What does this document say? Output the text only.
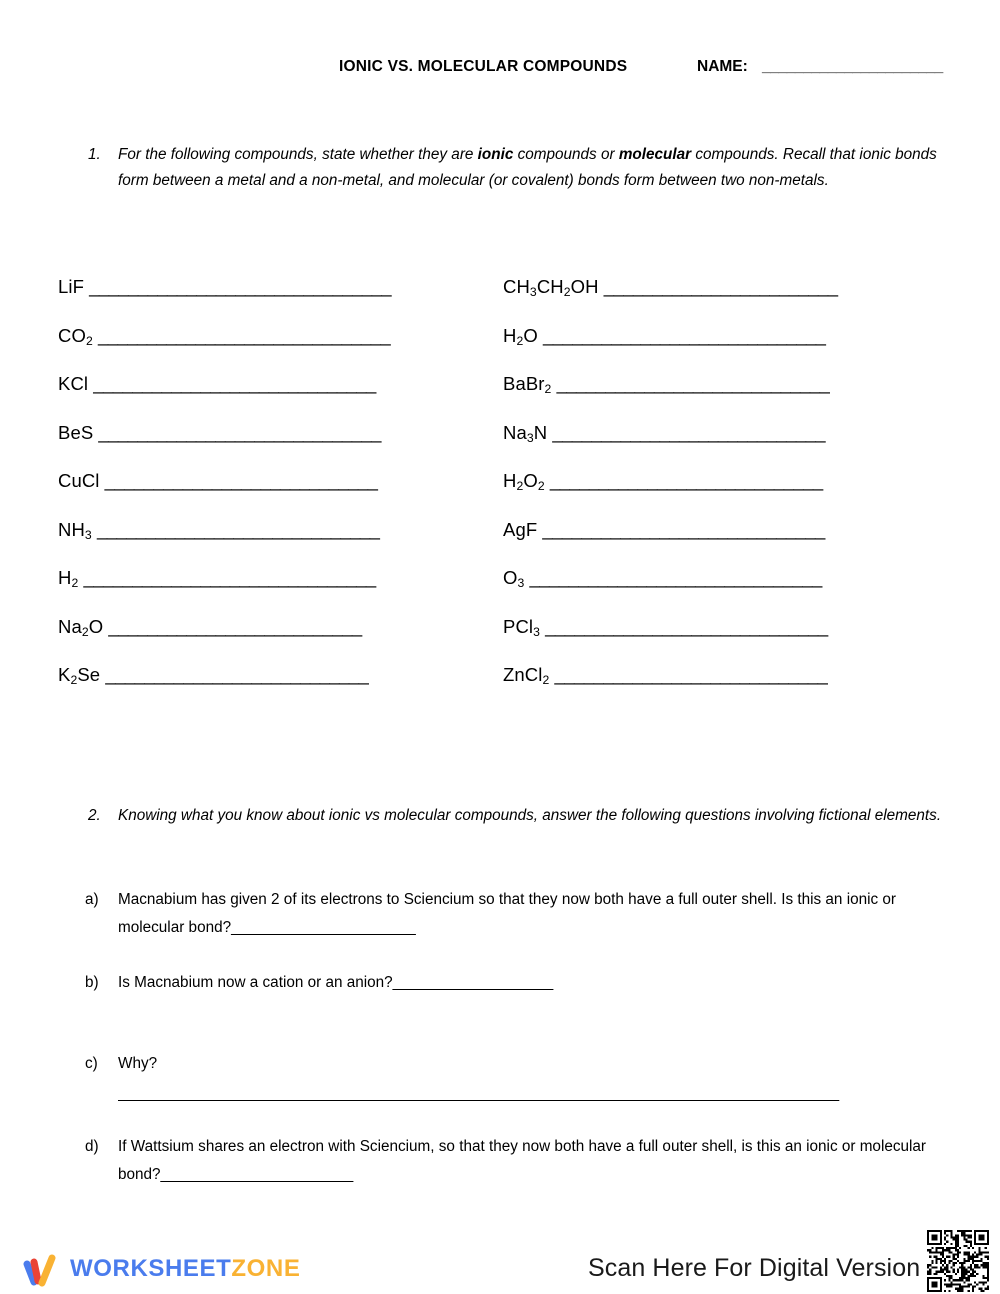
IONIC VS. MOLECULAR COMPOUNDS	NAME: ______________________
1.	For the following compounds, state whether they are ionic compounds or molecular compounds. Recall that ionic bonds form between a metal and a non-metal, and molecular (or covalent) bonds form between two non-metals.
LiF _______________________________
$CO_2$ ______________________________
KCl _____________________________
BeS _____________________________
CuCl ____________________________
$NH_3$ _____________________________
$H_2$ ______________________________
$Na_2O$ __________________________
$K_2Se$ ___________________________
$CH_3CH_2OH$ ________________________
$H_2O$ _____________________________
BaBr$_2$ ____________________________
$Na_3N$ ____________________________
$H_2O_2$ ____________________________
AgF _____________________________
$O_3$ ______________________________
PCl$_3$ _____________________________
ZnCl$_2$ ____________________________
2.	Knowing what you know about ionic vs molecular compounds, answer the following questions involving fictional elements.
a)	Macnabium has given 2 of its electrons to Sciencium so that they now both have a full outer shell. Is this an ionic or molecular bond?_______________________
b)	Is Macnabium now a cation or an anion?____________________
c)	Why?
__________________________________________________________________________________________
d)	If Wattsium shares an electron with Sciencium, so that they now both have a full outer shell, is this an ionic or molecular bond?________________________
WORKSHEETZONE	Scan Here For Digital Version
